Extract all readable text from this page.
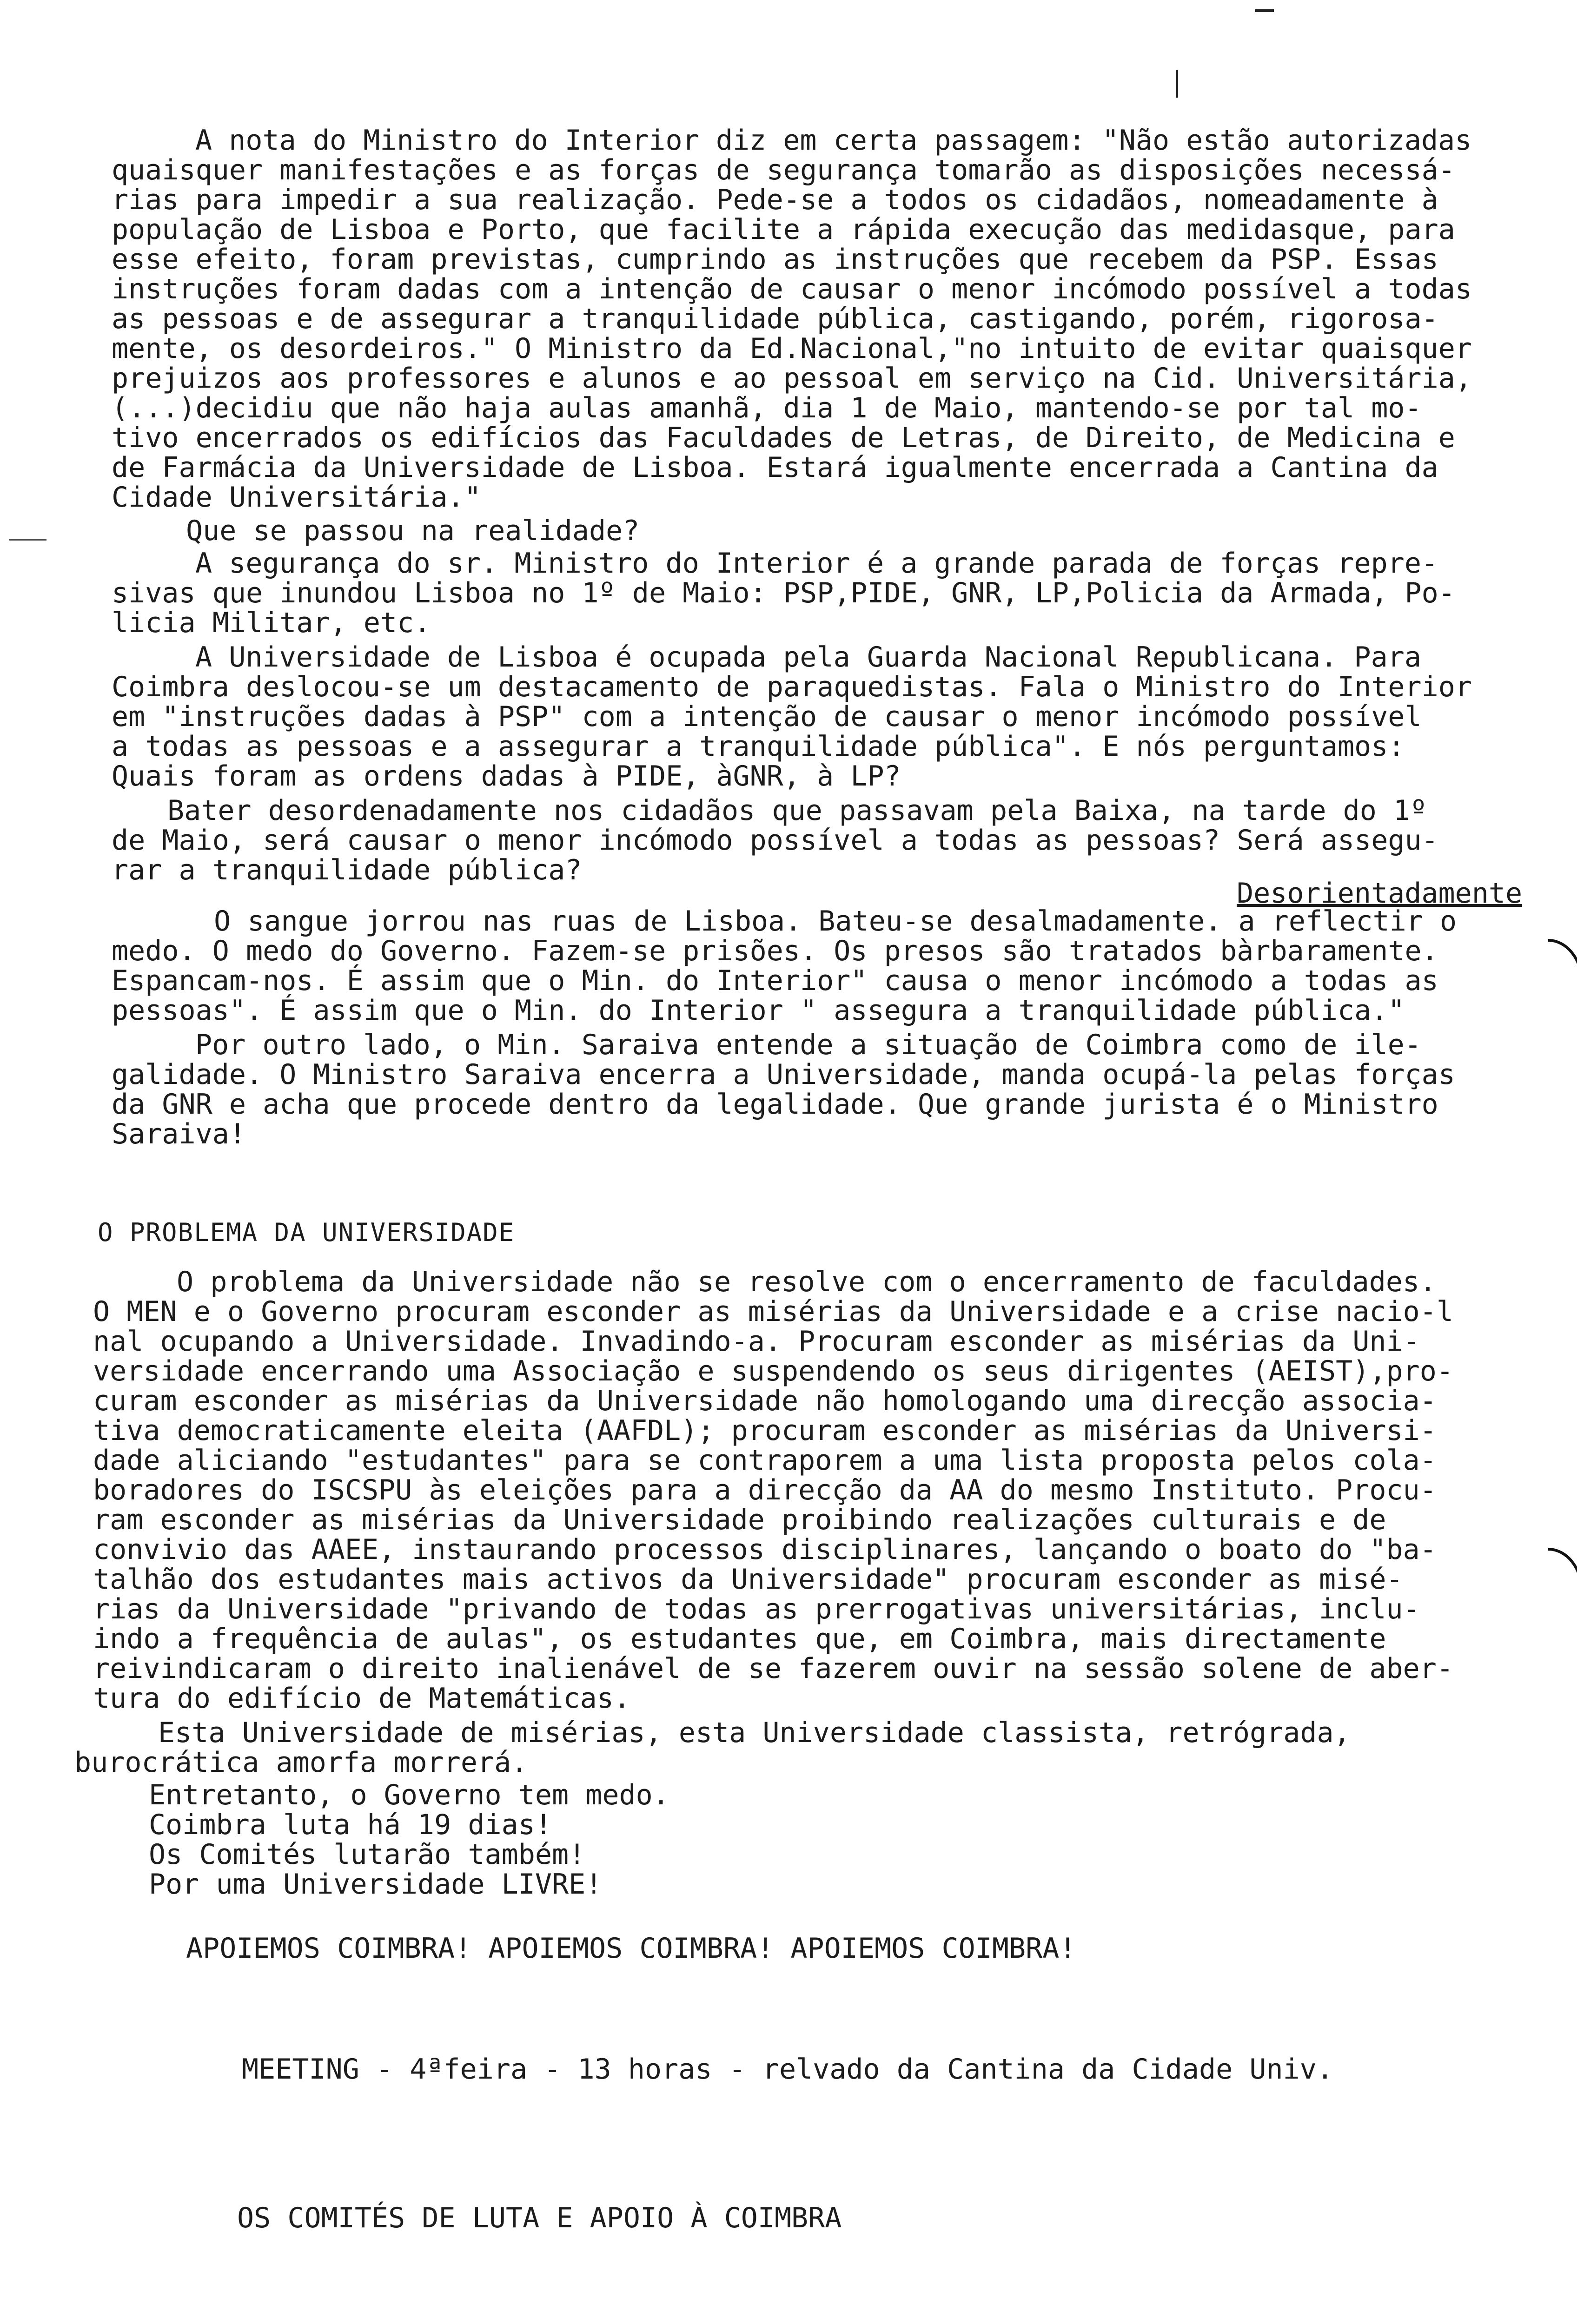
A nota do Ministro do Interior diz em certa passagem: "Não estão autorizadas
quaisquer manifestações e as forças de segurança tomarão as disposições necessá-
rias para impedir a sua realização. Pede-se a todos os cidadãos, nomeadamente à
população de Lisboa e Porto, que facilite a rápida execução das medidasque, para
esse efeito, foram previstas, cumprindo as instruções que recebem da PSP. Essas
instruções foram dadas com a intenção de causar o menor incómodo possível a todas
as pessoas e de assegurar a tranquilidade pública, castigando, porém, rigorosa-
mente, os desordeiros." O Ministro da Ed.Nacional,"no intuito de evitar quaisquer
prejuizos aos professores e alunos e ao pessoal em serviço na Cid. Universitária,
(...)decidiu que não haja aulas amanhã, dia 1 de Maio, mantendo-se por tal mo-
tivo encerrados os edifícios das Faculdades de Letras, de Direito, de Medicina e
de Farmácia da Universidade de Lisboa. Estará igualmente encerrada a Cantina da
Cidade Universitária."
Que se passou na realidade?
A segurança do sr. Ministro do Interior é a grande parada de forças repre-
sivas que inundou Lisboa no 1º de Maio: PSP,PIDE, GNR, LP,Policia da Armada, Po-
licia Militar, etc.
A Universidade de Lisboa é ocupada pela Guarda Nacional Republicana. Para
Coimbra deslocou-se um destacamento de paraquedistas. Fala o Ministro do Interior
em "instruções dadas à PSP" com a intenção de causar o menor incómodo possível
a todas as pessoas e a assegurar a tranquilidade pública". E nós perguntamos:
Quais foram as ordens dadas à PIDE, àGNR, à LP?
Bater desordenadamente nos cidadãos que passavam pela Baixa, na tarde do 1º
de Maio, será causar o menor incómodo possível a todas as pessoas? Será assegu-
rar a tranquilidade pública?
Desorientadamente
O sangue jorrou nas ruas de Lisboa. Bateu-se desalmadamente. a reflectir o
medo. O medo do Governo. Fazem-se prisões. Os presos são tratados bàrbaramente.
Espancam-nos. É assim que o Min. do Interior" causa o menor incómodo a todas as
pessoas". É assim que o Min. do Interior " assegura a tranquilidade pública."
Por outro lado, o Min. Saraiva entende a situação de Coimbra como de ile-
galidade. O Ministro Saraiva encerra a Universidade, manda ocupá-la pelas forças
da GNR e acha que procede dentro da legalidade. Que grande jurista é o Ministro
Saraiva!
O PROBLEMA DA UNIVERSIDADE
O problema da Universidade não se resolve com o encerramento de faculdades.
O MEN e o Governo procuram esconder as misérias da Universidade e a crise nacio-l
nal ocupando a Universidade. Invadindo-a. Procuram esconder as misérias da Uni-
versidade encerrando uma Associação e suspendendo os seus dirigentes (AEIST),pro-
curam esconder as misérias da Universidade não homologando uma direcção associa-
tiva democraticamente eleita (AAFDL); procuram esconder as misérias da Universi-
dade aliciando "estudantes" para se contraporem a uma lista proposta pelos cola-
boradores do ISCSPU às eleições para a direcção da AA do mesmo Instituto. Procu-
ram esconder as misérias da Universidade proibindo realizações culturais e de
convivio das AAEE, instaurando processos disciplinares, lançando o boato do "ba-
talhão dos estudantes mais activos da Universidade" procuram esconder as misé-
rias da Universidade "privando de todas as prerrogativas universitárias, inclu-
indo a frequência de aulas", os estudantes que, em Coimbra, mais directamente
reivindicaram o direito inalienável de se fazerem ouvir na sessão solene de aber-
tura do edifício de Matemáticas.
Esta Universidade de misérias, esta Universidade classista, retrógrada,
burocrática amorfa morrerá.
Entretanto, o Governo tem medo.
Coimbra luta há 19 dias!
Os Comités lutarão também!
Por uma Universidade LIVRE!
APOIEMOS COIMBRA! APOIEMOS COIMBRA! APOIEMOS COIMBRA!
MEETING - 4ªfeira - 13 horas - relvado da Cantina da Cidade Univ.
OS COMITÉS DE LUTA E APOIO À COIMBRA
